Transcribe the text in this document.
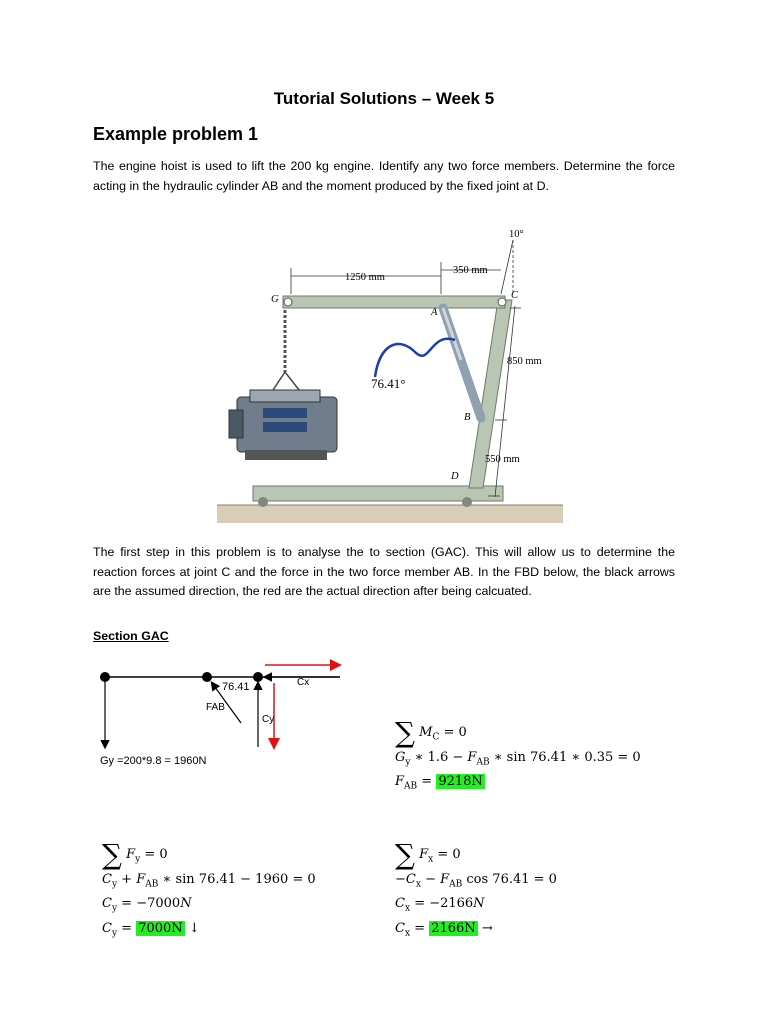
Tutorial Solutions – Week 5
Example problem 1
The engine hoist is used to lift the 200 kg engine. Identify any two force members. Determine the force acting in the hydraulic cylinder AB and the moment produced by the fixed joint at D.
1250 mm
350 mm
10°
850 mm
550 mm
76.41°
G
A
C
B
D
The first step in this problem is to analyse the to section (GAC). This will allow us to determine the reaction forces at joint C and the force in the two force member AB. In the FBD below, the black arrows are the assumed direction, the red are the actual direction after being calcuated.
Section GAC
76.41	Cx
FAB
Cy
Gy =200*9.8 = 1960N
∑ $M_C = 0$
$G_y$ ∗ $1.6 - F_{AB}$ ∗ sin 76.41 ∗ 0.35 = 0
$F_{AB} = 9218N$
∑ $F_y = 0$
$C_y + F_{AB}$ ∗ sin 76.41 − 1960 = 0
$C_y = -7000N$
$C_y = 7000N$ ↓
∑ $F_x = 0$
$-C_x - F_{AB}$ cos 76.41 = 0
$C_x = -2166N$
$C_x = 2166N$ →
